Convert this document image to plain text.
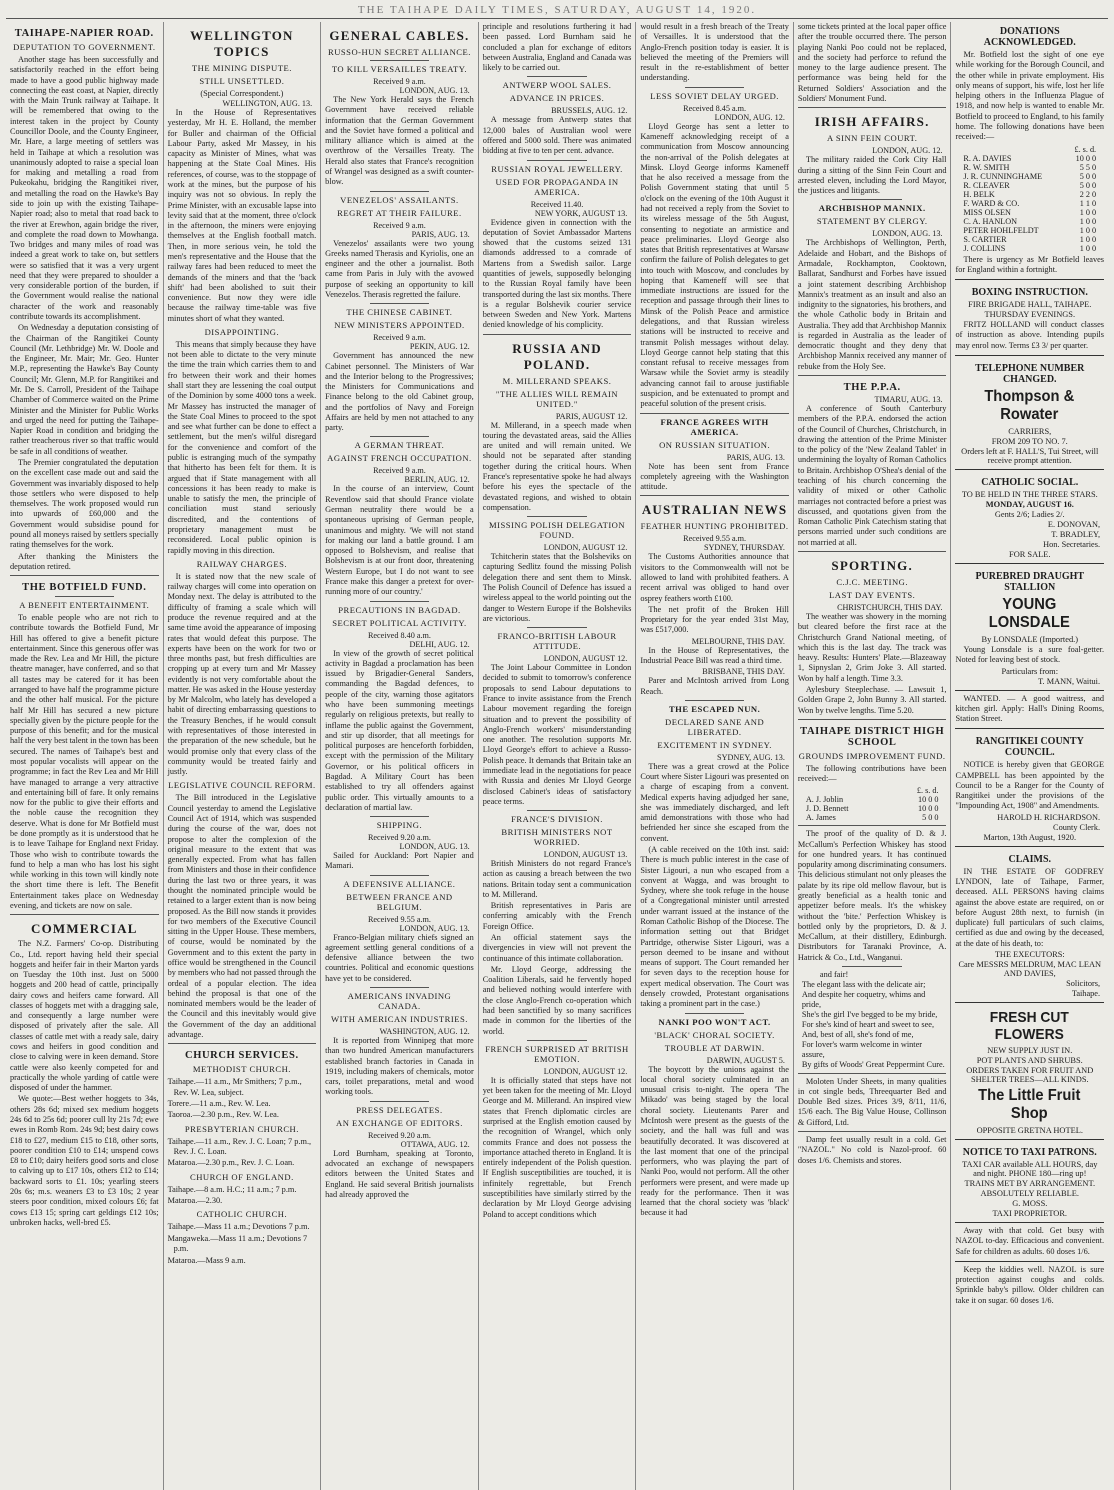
THE TAIHAPE DAILY TIMES, SATURDAY, AUGUST 14, 1920.
TAIHAPE-NAPIER ROAD.
DEPUTATION TO GOVERNMENT.

Another stage has been successfully and satisfactorily reached in the effort being made to have a good public highway made connecting the east coast, at Napier, directly with the Main Trunk railway at Taihape. It will be remembered that owing to the interest taken in the project by County Councillor Doole, and the County Engineer, Mr. Hare, a large meeting of settlers was held in Taihape at which a resolution was unanimously adopted to raise a special loan for making and metalling a road from Pukeokahu, bridging the Rangitikei river, and metalling the road on the Hawke's Bay side to join up with the existing Taihape-Napier road; also to metal that road back to the river at Erewhon, again bridge the river, and complete the road down to Mowhanga. Two bridges and many miles of road was indeed a great work to take on, but settlers were so satisfied that it was a very urgent need that they were prepared to shoulder a very considerable portion of the burden, if the Government would realise the national character of the work and reasonably contribute towards its accomplishment.

On Wednesday a deputation consisting of the Chairman of the Rangitikei County Council (Mr. Lethbridge) Mr. W. Doole and the Engineer, Mr. Mair; Mr. Geo. Hunter M.P., representing the Hawke's Bay County Council; Mr. Glenn, M.P. for Rangitikei and Mr. De S. Carroll, President of the Taihape Chamber of Commerce waited on the Prime Minister and the Minister for Public Works and urged the need for putting the Taihape-Napier Road in condition and bridging the rather treacherous river so that traffic would be safe in all conditions of weather.

The Premier congratulated the deputation on the excellent case made out and said the Government was invariably disposed to help those settlers who were disposed to help themselves. The work proposed would run into upwards of £60,000 and the Government would subsidise pound for pound all moneys raised by settlers specially rating themselves for the work.

After thanking the Ministers the deputation retired.

THE BOTFIELD FUND.
A BENEFIT ENTERTAINMENT.

To enable people who are not rich to contribute towards the Botfield Fund, Mr Hill has offered to give a benefit picture entertainment. Since this generous offer was made the Rev. Lea and Mr Hill, the picture theatre manager, have conferred, and so that all tastes may be catered for it has been arranged to have half the programme picture and the other half musical. For the picture half Mr Hill has secured a new picture specially given by the picture people for the purpose of this benefit; and for the musical half the very best talent in the town has been secured. The names of Taihape's best and most popular vocalists will appear on the programme; in fact the Rev Lea and Mr Hill have managed to arrange a very attractive and entertaining bill of fare. It only remains now for the public to give their efforts and the noble cause the recognition they deserve. What is done for Mr Botfield must be done promptly as it is understood that he is to leave Taihape for England next Friday. Those who wish to contribute towards the fund to help a man who has lost his sight while working in this town will kindly note the short time there is left. The Benefit Entertainment takes place on Wednesday evening, and tickets are now on sale.

COMMERCIAL

The N.Z. Farmers' Co-op. Distributing Co., Ltd. report having held their special hoggets and heifer fair in their Marton yards on Tuesday the 10th inst. Just on 5000 hoggets and 200 head of cattle, principally dairy cows and heifers came forward. All classes of hoggets met with a dragging sale, and consequently a large number were disposed of privately after the sale. All classes of cattle met with a ready sale, dairy cows and heifers in good condition and close to calving were in keen demand. Store cattle were also keenly competed for and practically the whole yarding of cattle were disposed of under the hammer.

We quote:—Best wether hoggets to 34s, others 28s 6d; mixed sex medium hoggets 24s 6d to 25s 6d; poorer cull lty 21s 7d; ewe ewes in Romb Rom. 24s 9d; best dairy cows £18 to £27, medium £15 to £18, other sorts, poorer condition £10 to £14; unspend cows £8 to £10; dairy heifers good sorts and close to calving up to £17 10s, others £12 to £14; backward sorts to £1. 10s; yearling steers 20s 6s; m.s. weaners £3 to £3 10s; 2 year steers poor condition, mixed colours £6; fat cows £13 15; spring cart geldings £12 10s; unbroken hacks, well-bred £5.

WELLINGTON TOPICS
THE MINING DISPUTE.
STILL UNSETTLED.
(Special Correspondent.)
WELLINGTON, AUG. 13.

In the House of Representatives yesterday, Mr H. E. Holland, the member for Buller and chairman of the Official Labour Party, asked Mr Massey, in his capacity as Minister of Mines, what was happening at the State Coal Mines. His references, of course, was to the stoppage of work at the mines, but the purpose of his inquiry was not so obvious. In reply the Prime Minister, with an excusable lapse into levity said that at the moment, three o'clock in the afternoon, the miners were enjoying themselves at the English football match. Then, in more serious vein, he told the men's representative and the House that the railway fares had been reduced to meet the demands of the miners and that the 'back shift' had been abolished to suit their convenience. But now they were idle because the railway time-table was five minutes short of what they wanted.

DISAPPOINTING.

This means that simply because they have not been able to dictate to the very minute the time the train which carries them to and fro between their work and their homes shall start they are lessening the coal output of the Dominion by some 4000 tons a week. Mr Massey has instructed the manager of the State Coal Mines to proceed to the spot and see what further can be done to effect a settlement, but the men's wilful disregard for the convenience and comfort of the public is estranging much of the sympathy that hitherto has been felt for them. It is argued that if State management with all concessions it has been ready to make is unable to satisfy the men, the principle of conciliation must stand seriously discredited, and the contentions of proprietary management must be reconsidered. Local public opinion is rapidly moving in this direction.

RAILWAY CHARGES.

It is stated now that the new scale of railway charges will come into operation on Monday next. The delay is attributed to the difficulty of framing a scale which will produce the revenue required and at the same time avoid the appearance of imposing rates that would defeat this purpose. The experts have been on the work for two or three months past, but fresh difficulties are cropping up at every turn and Mr Massey evidently is not very comfortable about the matter. He was asked in the House yesterday by Mr Malcolm, who lately has developed a habit of directing embarrassing questions to the Treasury Benches, if he would consult with representatives of those interested in the preparation of the new schedule, but he would promise only that every class of the community would be treated fairly and justly.

LEGISLATIVE COUNCIL REFORM.

The Bill introduced in the Legislative Council yesterday to amend the Legislative Council Act of 1914, which was suspended during the course of the war, does not propose to alter the complexion of the original measure to the extent that was generally expected. From what has fallen from Ministers and those in their confidence during the last two or three years, it was thought the nominated principle would be retained to a larger extent than is now being proposed. As the Bill now stands it provides for two members of the Executive Council sitting in the Upper House. These members, of course, would be nominated by the Government and to this extent the party in office would be strengthened in the Council by members who had not passed through the ordeal of a popular election. The idea behind the proposal is that one of the nominated members would be the leader of the Council and this inevitably would give the Government of the day an additional advantage.

CHURCH SERVICES.
METHODIST CHURCH.
Taihape.—11 a.m., Mr Smithers; 7 p.m., Rev. W. Lea, subject.
Torere.—11 a.m., Rev. W. Lea.
Taoroa.—2.30 p.m., Rev. W. Lea.
PRESBYTERIAN CHURCH.
Taihape.—11 a.m., Rev. J. C. Loan; 7 p.m., Rev. J. C. Loan.
Mataroa.—2.30 p.m., Rev. J. C. Loan.
CHURCH OF ENGLAND.
Taihape.—8 a.m. H.C.; 11 a.m.; 7 p.m.
Mataroa.—2.30.
CATHOLIC CHURCH.
Taihape.—Mass 11 a.m.; Devotions 7 p.m.
Mangaweka.—Mass 11 a.m.; Devotions 7 p.m.
Mataroa.—Mass 9 a.m.
GENERAL CABLES.
RUSSO-HUN SECRET ALLIANCE.
TO KILL VERSAILLES TREATY.
Received 9 a.m.
LONDON, AUG. 13.

The New York Herald says the French Government have received reliable information that the German Government and the Soviet have formed a political and military alliance which is aimed at the overthrow of the Versailles Treaty. The Herald also states that France's recognition of Wrangel was designed as a swift counter-blow.

VENEZELOS' ASSAILANTS.
REGRET AT THEIR FAILURE.
Received 9 a.m.
PARIS, AUG. 13.

Venezelos' assailants were two young Greeks named Therasis and Kyriolis, one an engineer and the other a journalist. Both came from Paris in July with the avowed purpose of seeking an opportunity to kill Venezelos. Therasis regretted the failure.

THE CHINESE CABINET.
NEW MINISTERS APPOINTED.
Received 9 a.m.
PEKIN, AUG. 12.

Government has announced the new Cabinet personnel. The Ministers of War and the Interior belong to the Progressives; the Ministers for Communications and Finance belong to the old Cabinet group, and the portfolios of Navy and Foreign Affairs are held by men not attached to any party.

A GERMAN THREAT.
AGAINST FRENCH OCCUPATION.
Received 9 a.m.
BERLIN, AUG. 12.

In the course of an interview, Count Reventlow said that should France violate German neutrality there would be a spontaneous uprising of German people, unanimous and mighty. 'We will not stand for making our land a battle ground. I am opposed to Bolshevism, and realise that Bolshevism is at our front door, threatening Western Europe, but I do not want to see France make this danger a pretext for over-running more of our country.'

PRECAUTIONS IN BAGDAD.
SECRET POLITICAL ACTIVITY.
Received 8.40 a.m.
DELHI, AUG. 12.

In view of the growth of secret political activity in Bagdad a proclamation has been issued by Brigadier-General Sanders, commanding the Bagdad defences, to people of the city, warning those agitators who have been summoning meetings regularly on religious pretexts, but really to inflame the public against the Government, and stir up disorder, that all meetings for political purposes are henceforth forbidden, except with the permission of the Military Governor, or his political officers in Bagdad. A Military Court has been established to try all offenders against public order. This virtually amounts to a declaration of martial law.

SHIPPING.
Received 9.20 a.m.
LONDON, AUG. 13.

Sailed for Auckland: Port Napier and Mamari.

A DEFENSIVE ALLIANCE.
BETWEEN FRANCE AND BELGIUM.
Received 9.55 a.m.
LONDON, AUG. 13.

Franco-Belgian military chiefs signed an agreement settling general conditions of a defensive alliance between the two countries. Political and economic questions have yet to be considered.

AMERICANS INVADING CANADA.
WITH AMERICAN INDUSTRIES.
WASHINGTON, AUG. 12.

It is reported from Winnipeg that more than two hundred American manufacturers established branch factories in Canada in 1919, including makers of chemicals, motor cars, toilet preparations, metal and wood working tools.

PRESS DELEGATES.
AN EXCHANGE OF EDITORS.
Received 9.20 a.m.
OTTAWA, AUG. 12.

Lord Burnham, speaking at Toronto, advocated an exchange of newspapers editors between the United States and England. He said several British journalists had already approved the

principle and resolutions furthering it had been passed. Lord Burnham said he concluded a plan for exchange of editors between Australia, England and Canada was likely to be carried out.

ANTWERP WOOL SALES.
ADVANCE IN PRICES.
BRUSSELS, AUG. 12.

A message from Antwerp states that 12,000 bales of Australian wool were offered and 5000 sold. There was animated bidding at five to ten per cent. advance.

RUSSIAN ROYAL JEWELLERY.
USED FOR PROPAGANDA IN AMERICA.
Received 11.40.
NEW YORK, AUGUST 13.

Evidence given in connection with the deputation of Soviet Ambassador Martens showed that the customs seized 131 diamonds addressed to a comrade of Martens from a Swedish sailor. Large quantities of jewels, supposedly belonging to the Russian Royal family have been transported during the last six months. There is a regular Bolshevik courier service between Sweden and New York. Martens denied knowledge of his complicity.

RUSSIA AND POLAND.
M. MILLERAND SPEAKS.
"THE ALLIES WILL REMAIN UNITED."
PARIS, AUGUST 12.

M. Millerand, in a speech made when touring the devastated areas, said the Allies are united and will remain united. We should not be separated after standing together during the critical hours. When France's representative spoke he had always before his eyes the spectacle of the devastated regions, and wished to obtain compensation.

MISSING POLISH DELEGATION FOUND.
LONDON, AUGUST 12.

Tchitcherin states that the Bolsheviks on capturing Sedlitz found the missing Polish delegation there and sent them to Minsk. The Polish Council of Defence has issued a wireless appeal to the world pointing out the danger to Western Europe if the Bolsheviks are victorious.

FRANCO-BRITISH LABOUR ATTITUDE.
LONDON, AUGUST 12.

The Joint Labour Committee in London decided to submit to tomorrow's conference proposals to send Labour deputations to France to invite assistance from the French Labour movement regarding the foreign situation and to prevent the possibility of Anglo-French workers' misunderstanding one another. The resolution supports Mr. Lloyd George's effort to achieve a Russo-Polish peace. It demands that Britain take an immediate lead in the negotiations for peace with Russia and denies Mr Lloyd George disclosed Cabinet's ideas of satisfactory peace terms.

FRANCE'S DIVISION.
BRITISH MINISTERS NOT WORRIED.
LONDON, AUGUST 13.

British Ministers do not regard France's action as causing a breach between the two nations. Britain today sent a communication to M. Millerand.

British representatives in Paris are conferring amicably with the French Foreign Office.

An official statement says the divergencies in view will not prevent the continuance of this intimate collaboration.

Mr. Lloyd George, addressing the Coalition Liberals, said he fervently hoped and believed nothing would interfere with the close Anglo-French co-operation which had been sanctified by so many sacrifices made in common for the liberties of the world.

FRENCH SURPRISED AT BRITISH EMOTION.
LONDON, AUGUST 12.

It is officially stated that steps have not yet been taken for the meeting of Mr. Lloyd George and M. Millerand. An inspired view states that French diplomatic circles are surprised at the English emotion caused by the recognition of Wrangel, which only commits France and does not possess the importance attached thereto in England. It is entirely independent of the Polish question. If English susceptibilities are touched, it is infinitely regrettable, but French susceptibilities have similarly stirred by the declaration by Mr Lloyd George advising Poland to accept conditions which

would result in a fresh breach of the Treaty of Versailles. It is understood that the Anglo-French position today is easier. It is believed the meeting of the Premiers will result in the re-establishment of better understanding.

LESS SOVIET DELAY URGED.
Received 8.45 a.m.
LONDON, AUG. 12.

Lloyd George has sent a letter to Kameneff acknowledging receipt of a communication from Moscow announcing the non-arrival of the Polish delegates at Minsk. Lloyd George informs Kameneff that he also received a message from the Polish Government stating that until 5 o'clock on the evening of the 10th August it had not received a reply from the Soviet to its wireless message of the 5th August, consenting to negotiate an armistice and peace preliminaries. Lloyd George also states that British representatives at Warsaw confirm the failure of Polish delegates to get into touch with Moscow, and concludes by hoping that Kameneff will see that immediate instructions are issued for the reception and passage through their lines to Minsk of the Polish Peace and armistice delegations, and that Russian wireless stations will be instructed to receive and transmit Polish messages without delay. Lloyd George cannot help stating that this constant refusal to receive messages from Warsaw while the Soviet army is steadily advancing cannot fail to arouse justifiable suspicion, and be extenuated to prompt and peaceful solution of the present crisis.

FRANCE AGREES WITH AMERICA.
ON RUSSIAN SITUATION.
PARIS, AUG. 13.

Note has been sent from France completely agreeing with the Washington attitude.

AUSTRALIAN NEWS
FEATHER HUNTING PROHIBITED.
Received 9.55 a.m.
SYDNEY, THURSDAY.

The Customs Authorities announce that visitors to the Commonwealth will not be allowed to land with prohibited feathers. A recent arrival was obliged to hand over osprey feathers worth £100.

The net profit of the Broken Hill Proprietary for the year ended 31st May, was £517,000.

MELBOURNE, THIS DAY.

In the House of Representatives, the Industrial Peace Bill was read a third time.

BRISBANE, THIS DAY.

Parer and McIntosh arrived from Long Reach.

THE ESCAPED NUN.
DECLARED SANE AND LIBERATED.
EXCITEMENT IN SYDNEY.
SYDNEY, AUG. 13.

There was a great crowd at the Police Court where Sister Ligouri was presented on a charge of escaping from a convent. Medical experts having adjudged her sane, she was immediately discharged, and left amid demonstrations with those who had befriended her since she escaped from the convent.

(A cable received on the 10th inst. said: There is much public interest in the case of Sister Ligouri, a nun who escaped from a convent at Wagga, and was brought to Sydney, where she took refuge in the house of a Congregational minister until arrested under warrant issued at the instance of the Roman Catholic Bishop of the Diocese. The information setting out that Bridget Partridge, otherwise Sister Ligouri, was a person deemed to be insane and without means of support. The Court remanded her for seven days to the reception house for expert medical observation. The Court was densely crowded, Protestant organisations taking a prominent part in the case.)

NANKI POO WON'T ACT.
'BLACK' CHORAL SOCIETY.
TROUBLE AT DARWIN.
DARWIN, AUGUST 5.

The boycott by the unions against the local choral society culminated in an unusual crisis to-night. The opera 'The Mikado' was being staged by the local choral society. Lieutenants Parer and McIntosh were present as the guests of the society, and the hall was full and was beautifully decorated. It was discovered at the last moment that one of the principal performers, who was playing the part of Nanki Poo, would not perform. All the other performers were present, and were made up ready for the performance. Then it was learned that the choral society was 'black' because it had

some tickets printed at the local paper office after the trouble occurred there. The person playing Nanki Poo could not be replaced, and the society had perforce to refund the money to the large audience present. The performance was being held for the Returned Soldiers' Association and the Soldiers' Monument Fund.

IRISH AFFAIRS.
A SINN FEIN COURT.
LONDON, AUG. 12.

The military raided the Cork City Hall during a sitting of the Sinn Fein Court and arrested eleven, including the Lord Mayor, the justices and litigants.

ARCHBISHOP MANNIX.
STATEMENT BY CLERGY.
LONDON, AUG. 13.

The Archbishops of Wellington, Perth, Adelaide and Hobart, and the Bishops of Armadale, Rockhampton, Cooktown, Ballarat, Sandhurst and Forbes have issued a joint statement describing Archbishop Mannix's treatment as an insult and also an indignity to the signatories, his brothers, and the whole Catholic body in Britain and Australia. They add that Archbishop Mannix is regarded in Australia as the leader of democratic thought and they deny that Archbishop Mannix received any manner of rebuke from the Holy See.

THE P.P.A.
TIMARU, AUG. 13.

A conference of South Canterbury members of the P.P.A. endorsed the action of the Council of Churches, Christchurch, in drawing the attention of the Prime Minister to the policy of the 'New Zealand Tablet' in undermining the loyalty of Roman Catholics to Britain. Archbishop O'Shea's denial of the teaching of his church concerning the validity of mixed or other Catholic marriages not contracted before a priest was discussed, and quotations given from the Roman Catholic Pink Catechism stating that persons married under such conditions are not married at all.

SPORTING.
C.J.C. MEETING.
LAST DAY EVENTS.
CHRISTCHURCH, THIS DAY.

The weather was showery in the morning but cleared before the first race at the Christchurch Grand National meeting, of which this is the last day. The track was heavy. Results: Hunters' Plate.—Blazeaway 1, Sipnyslan 2, Grim Joke 3. All started. Won by half a length. Time 3.3.

Aylesbury Steeplechase. — Lawsuit 1, Golden Grape 2, John Bunny 3. All started. Won by twelve lengths. Time 5.20.

TAIHAPE DISTRICT HIGH SCHOOL
GROUNDS IMPROVEMENT FUND.

The following contributions have been received:—

	£. s. d.
A. J. Joblin	10 0 0
J. D. Bennett	10 0 0
A. James	5 0 0

The proof of the quality of D. & J. McCallum's Perfection Whiskey has stood for one hundred years. It has continued popularity among discriminating consumers. This delicious stimulant not only pleases the palate by its ripe old mellow flavour, but is greatly beneficial as a health tonic and appetizer before meals. It's the whiskey without the 'bite.' Perfection Whiskey is bottled only by the proprietors, D. & J. McCallum, at their distillery, Edinburgh. Distributors for Taranaki Province, A. Hatrick & Co., Ltd., Wanganui.

and fair!
The elegant lass with the delicate air;
And despite her coquetry, whims and pride,
She's the girl I've begged to be my bride,
For she's kind of heart and sweet to see,
And, best of all, she's fond of me,
For lover's warm welcome in winter assure,
By gifts of Woods' Great Peppermint Cure.

Moloten Under Sheets, in many qualities in cot single beds, Threequarter Bed and Double Bed sizes. Prices 3/9, 8/11, 11/6, 15/6 each. The Big Value House, Collinson & Gifford, Ltd.

Damp feet usually result in a cold. Get "NAZOL." No cold is Nazol-proof. 60 doses 1/6. Chemists and stores.

DONATIONS ACKNOWLEDGED.

Mr. Botfield lost the sight of one eye while working for the Borough Council, and the other while in private employment. His only means of support, his wife, lost her life helping others in the Influenza Plague of 1918, and now help is wanted to enable Mr. Botfield to proceed to England, to his family home. The following donations have been received:—

	£. s. d.
R. A. DAVIES	10 0 0
R. W. SMITH	5 5 0
J. R. CUNNINGHAME	5 0 0
R. CLEAVER	5 0 0
H. BELK	2 2 0
F. WARD & CO.	1 1 0
MISS OLSEN	1 0 0
C. A. HANLON	1 0 0
PETER HOHLFELDT	1 0 0
S. CARTIER	1 0 0
J. COLLINS	1 0 0

There is urgency as Mr Botfield leaves for England within a fortnight.

BOXING INSTRUCTION.
FIRE BRIGADE HALL, TAIHAPE.
THURSDAY EVENINGS.

FRITZ HOLLAND will conduct classes of instruction as above. Intending pupils may enrol now. Terms £3 3/ per quarter.

TELEPHONE NUMBER CHANGED.
Thompson & Rowater
CARRIERS,
FROM 209 TO NO. 7.
Orders left at F. HALL'S, Tui Street, will receive prompt attention.
CATHOLIC SOCIAL.
TO BE HELD IN THE THREE STARS.
MONDAY, AUGUST 16.
Gents 2/6; Ladies 2/.
E. DONOVAN,
T. BRADLEY,
Hon. Secretaries.
FOR SALE.
PUREBRED DRAUGHT STALLION
YOUNG LONSDALE
By LONSDALE (Imported.)

Young Lonsdale is a sure foal-getter. Noted for leaving best of stock.

Particulars from:
T. MANN, Waitui.

WANTED. — A good waitress, and kitchen girl. Apply: Hall's Dining Rooms, Station Street.

RANGITIKEI COUNTY COUNCIL.

NOTICE is hereby given that GEORGE CAMPBELL has been appointed by the Council to be a Ranger for the County of Rangitikei under the provisions of the "Impounding Act, 1908" and Amendments.

HAROLD H. RICHARDSON.
County Clerk.
Marton, 13th August, 1920.
CLAIMS.

IN THE ESTATE OF GODFREY LYNDON, late of Taihape, Farmer, deceased. ALL PERSONS having claims against the above estate are required, on or before August 28th next, to furnish (in duplicate) full particulars of such claims, certified as due and owing by the deceased, at the date of his death, to:

THE EXECUTORS:
Care MESSRS MELDRUM, MAC LEAN AND DAVIES,
Solicitors,
Taihape.
FRESH CUT FLOWERS
NEW SUPPLY JUST IN.
POT PLANTS AND SHRUBS.
ORDERS TAKEN FOR FRUIT AND SHELTER TREES—ALL KINDS.
The Little Fruit Shop
OPPOSITE GRETNA HOTEL.
NOTICE TO TAXI PATRONS.
TAXI CAR available ALL HOURS, day and night. PHONE 180—ring up!
TRAINS MET BY ARRANGEMENT.
ABSOLUTELY RELIABLE.
G. MOSS.
TAXI PROPRIETOR.

Away with that cold. Get busy with NAZOL to-day. Efficacious and convenient. Safe for children as adults. 60 doses 1/6.

Keep the kiddies well. NAZOL is sure protection against coughs and colds. Sprinkle baby's pillow. Older children can take it on sugar. 60 doses 1/6.
